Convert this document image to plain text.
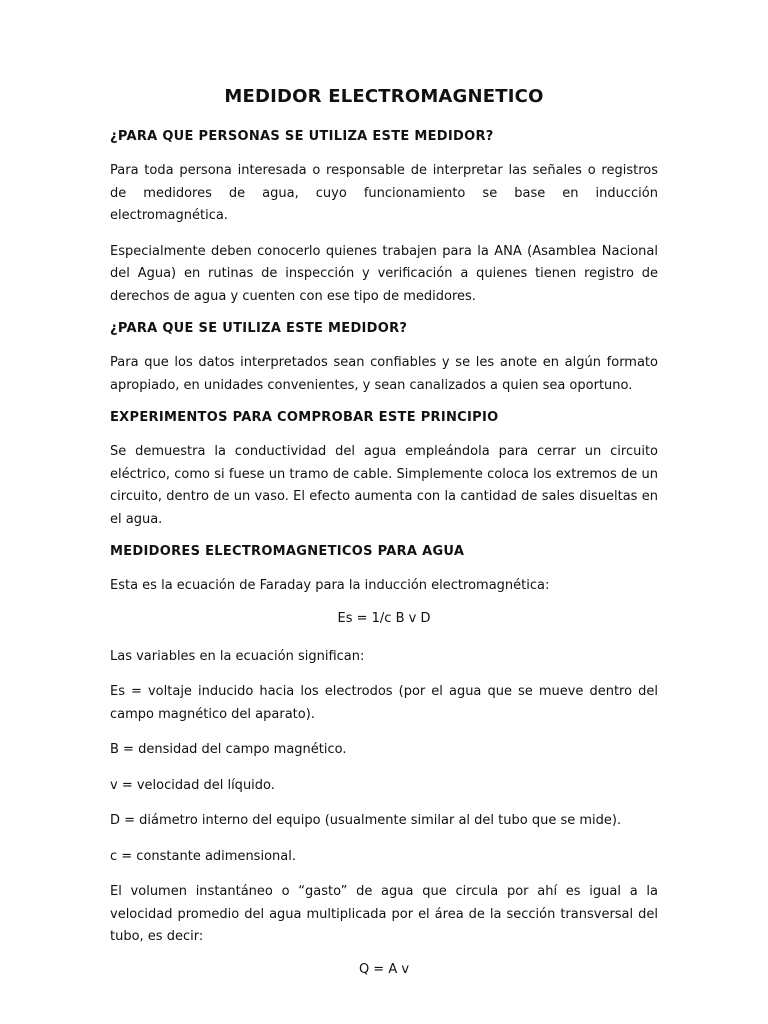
MEDIDOR ELECTROMAGNETICO
¿PARA QUE PERSONAS SE UTILIZA ESTE MEDIDOR?

Para toda persona interesada o responsable de interpretar las señales o registros de medidores de agua, cuyo funcionamiento se base en inducción electromagnética.

Especialmente deben conocerlo quienes trabajen para la ANA (Asamblea Nacional del Agua) en rutinas de inspección y verificación a quienes tienen registro de derechos de agua y cuenten con ese tipo de medidores.

¿PARA QUE SE UTILIZA ESTE MEDIDOR?

Para que los datos interpretados sean confiables y se les anote en algún formato apropiado, en unidades convenientes, y sean canalizados a quien sea oportuno.

EXPERIMENTOS PARA COMPROBAR ESTE PRINCIPIO

Se demuestra la conductividad del agua empleándola para cerrar un circuito eléctrico, como si fuese un tramo de cable. Simplemente coloca los extremos de un circuito, dentro de un vaso. El efecto aumenta con la cantidad de sales disueltas en el agua.

MEDIDORES ELECTROMAGNETICOS PARA AGUA

Esta es la ecuación de Faraday para la inducción electromagnética:

Es = 1/c B v D

Las variables en la ecuación significan:

Es = voltaje inducido hacia los electrodos (por el agua que se mueve dentro del campo magnético del aparato).

B = densidad del campo magnético.

v = velocidad del líquido.

D = diámetro interno del equipo (usualmente similar al del tubo que se mide).

c = constante adimensional.

El volumen instantáneo o “gasto” de agua que circula por ahí es igual a la velocidad promedio del agua multiplicada por el área de la sección transversal del tubo, es decir:

Q = A v
